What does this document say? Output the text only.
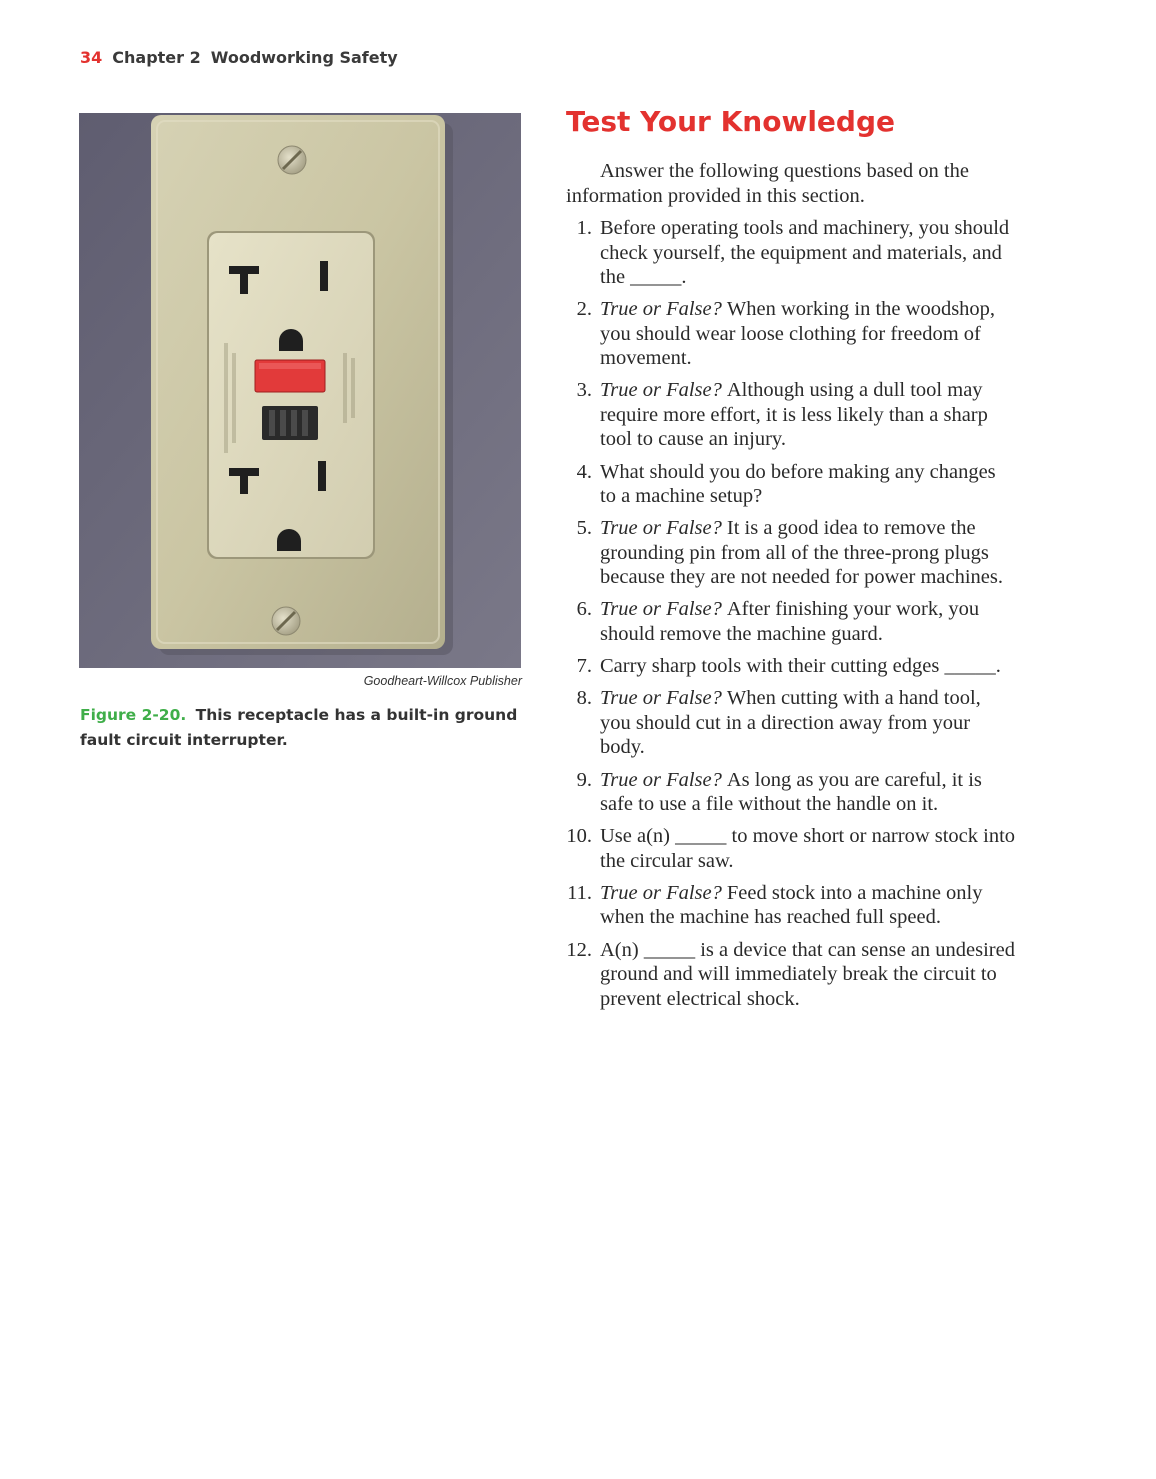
34 Chapter 2 Woodworking Safety
Goodheart-Willcox Publisher
Figure 2-20. This receptacle has a built-in ground fault circuit interrupter.
Test Your Knowledge

Answer the following questions based on the information provided in this section.

1. Before operating tools and machinery, you should check yourself, the equipment and materials, and the _____.
2. True or False? When working in the woodshop, you should wear loose clothing for freedom of movement.
3. True or False? Although using a dull tool may require more effort, it is less likely than a sharp tool to cause an injury.
4. What should you do before making any changes to a machine setup?
5. True or False? It is a good idea to remove the grounding pin from all of the three-prong plugs because they are not needed for power machines.
6. True or False? After finishing your work, you should remove the machine guard.
7. Carry sharp tools with their cutting edges _____.
8. True or False? When cutting with a hand tool, you should cut in a direction away from your body.
9. True or False? As long as you are careful, it is safe to use a file without the handle on it.
10. Use a(n) _____ to move short or narrow stock into the circular saw.
11. True or False? Feed stock into a machine only when the machine has reached full speed.
12. A(n) _____ is a device that can sense an undesired ground and will immediately break the circuit to prevent electrical shock.
